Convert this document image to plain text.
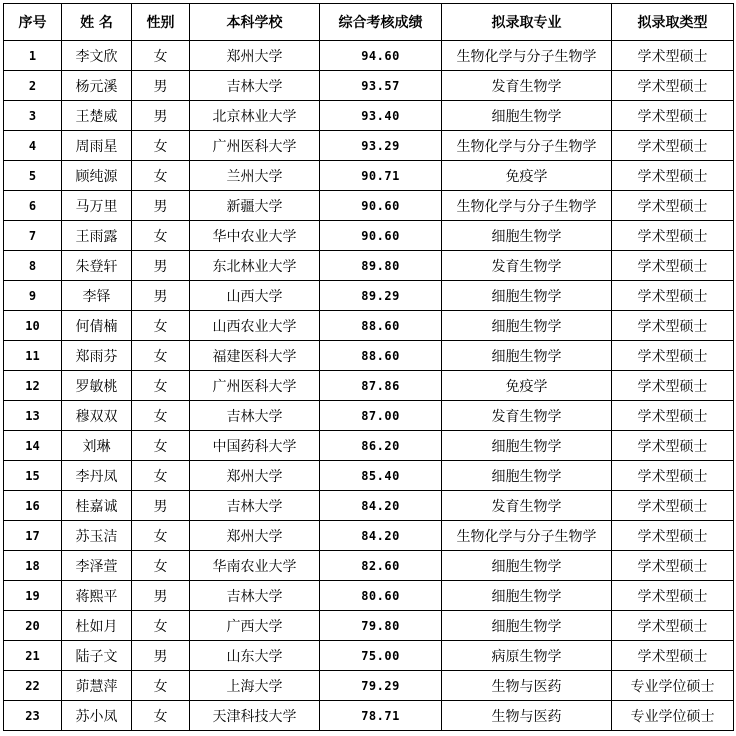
序号	姓 名	性别	本科学校	综合考核成绩	拟录取专业	拟录取类型
1	李文欣	女	郑州大学	94.60	生物化学与分子生物学	学术型硕士
2	杨元溪	男	吉林大学	93.57	发育生物学	学术型硕士
3	王楚威	男	北京林业大学	93.40	细胞生物学	学术型硕士
4	周雨星	女	广州医科大学	93.29	生物化学与分子生物学	学术型硕士
5	顾纯源	女	兰州大学	90.71	免疫学	学术型硕士
6	马万里	男	新疆大学	90.60	生物化学与分子生物学	学术型硕士
7	王雨露	女	华中农业大学	90.60	细胞生物学	学术型硕士
8	朱登轩	男	东北林业大学	89.80	发育生物学	学术型硕士
9	李铎	男	山西大学	89.29	细胞生物学	学术型硕士
10	何倩楠	女	山西农业大学	88.60	细胞生物学	学术型硕士
11	郑雨芬	女	福建医科大学	88.60	细胞生物学	学术型硕士
12	罗敏桃	女	广州医科大学	87.86	免疫学	学术型硕士
13	穆双双	女	吉林大学	87.00	发育生物学	学术型硕士
14	刘琳	女	中国药科大学	86.20	细胞生物学	学术型硕士
15	李丹凤	女	郑州大学	85.40	细胞生物学	学术型硕士
16	桂嘉诚	男	吉林大学	84.20	发育生物学	学术型硕士
17	苏玉洁	女	郑州大学	84.20	生物化学与分子生物学	学术型硕士
18	李泽萱	女	华南农业大学	82.60	细胞生物学	学术型硕士
19	蒋熙平	男	吉林大学	80.60	细胞生物学	学术型硕士
20	杜如月	女	广西大学	79.80	细胞生物学	学术型硕士
21	陆子文	男	山东大学	75.00	病原生物学	学术型硕士
22	茆慧萍	女	上海大学	79.29	生物与医药	专业学位硕士
23	苏小凤	女	天津科技大学	78.71	生物与医药	专业学位硕士
